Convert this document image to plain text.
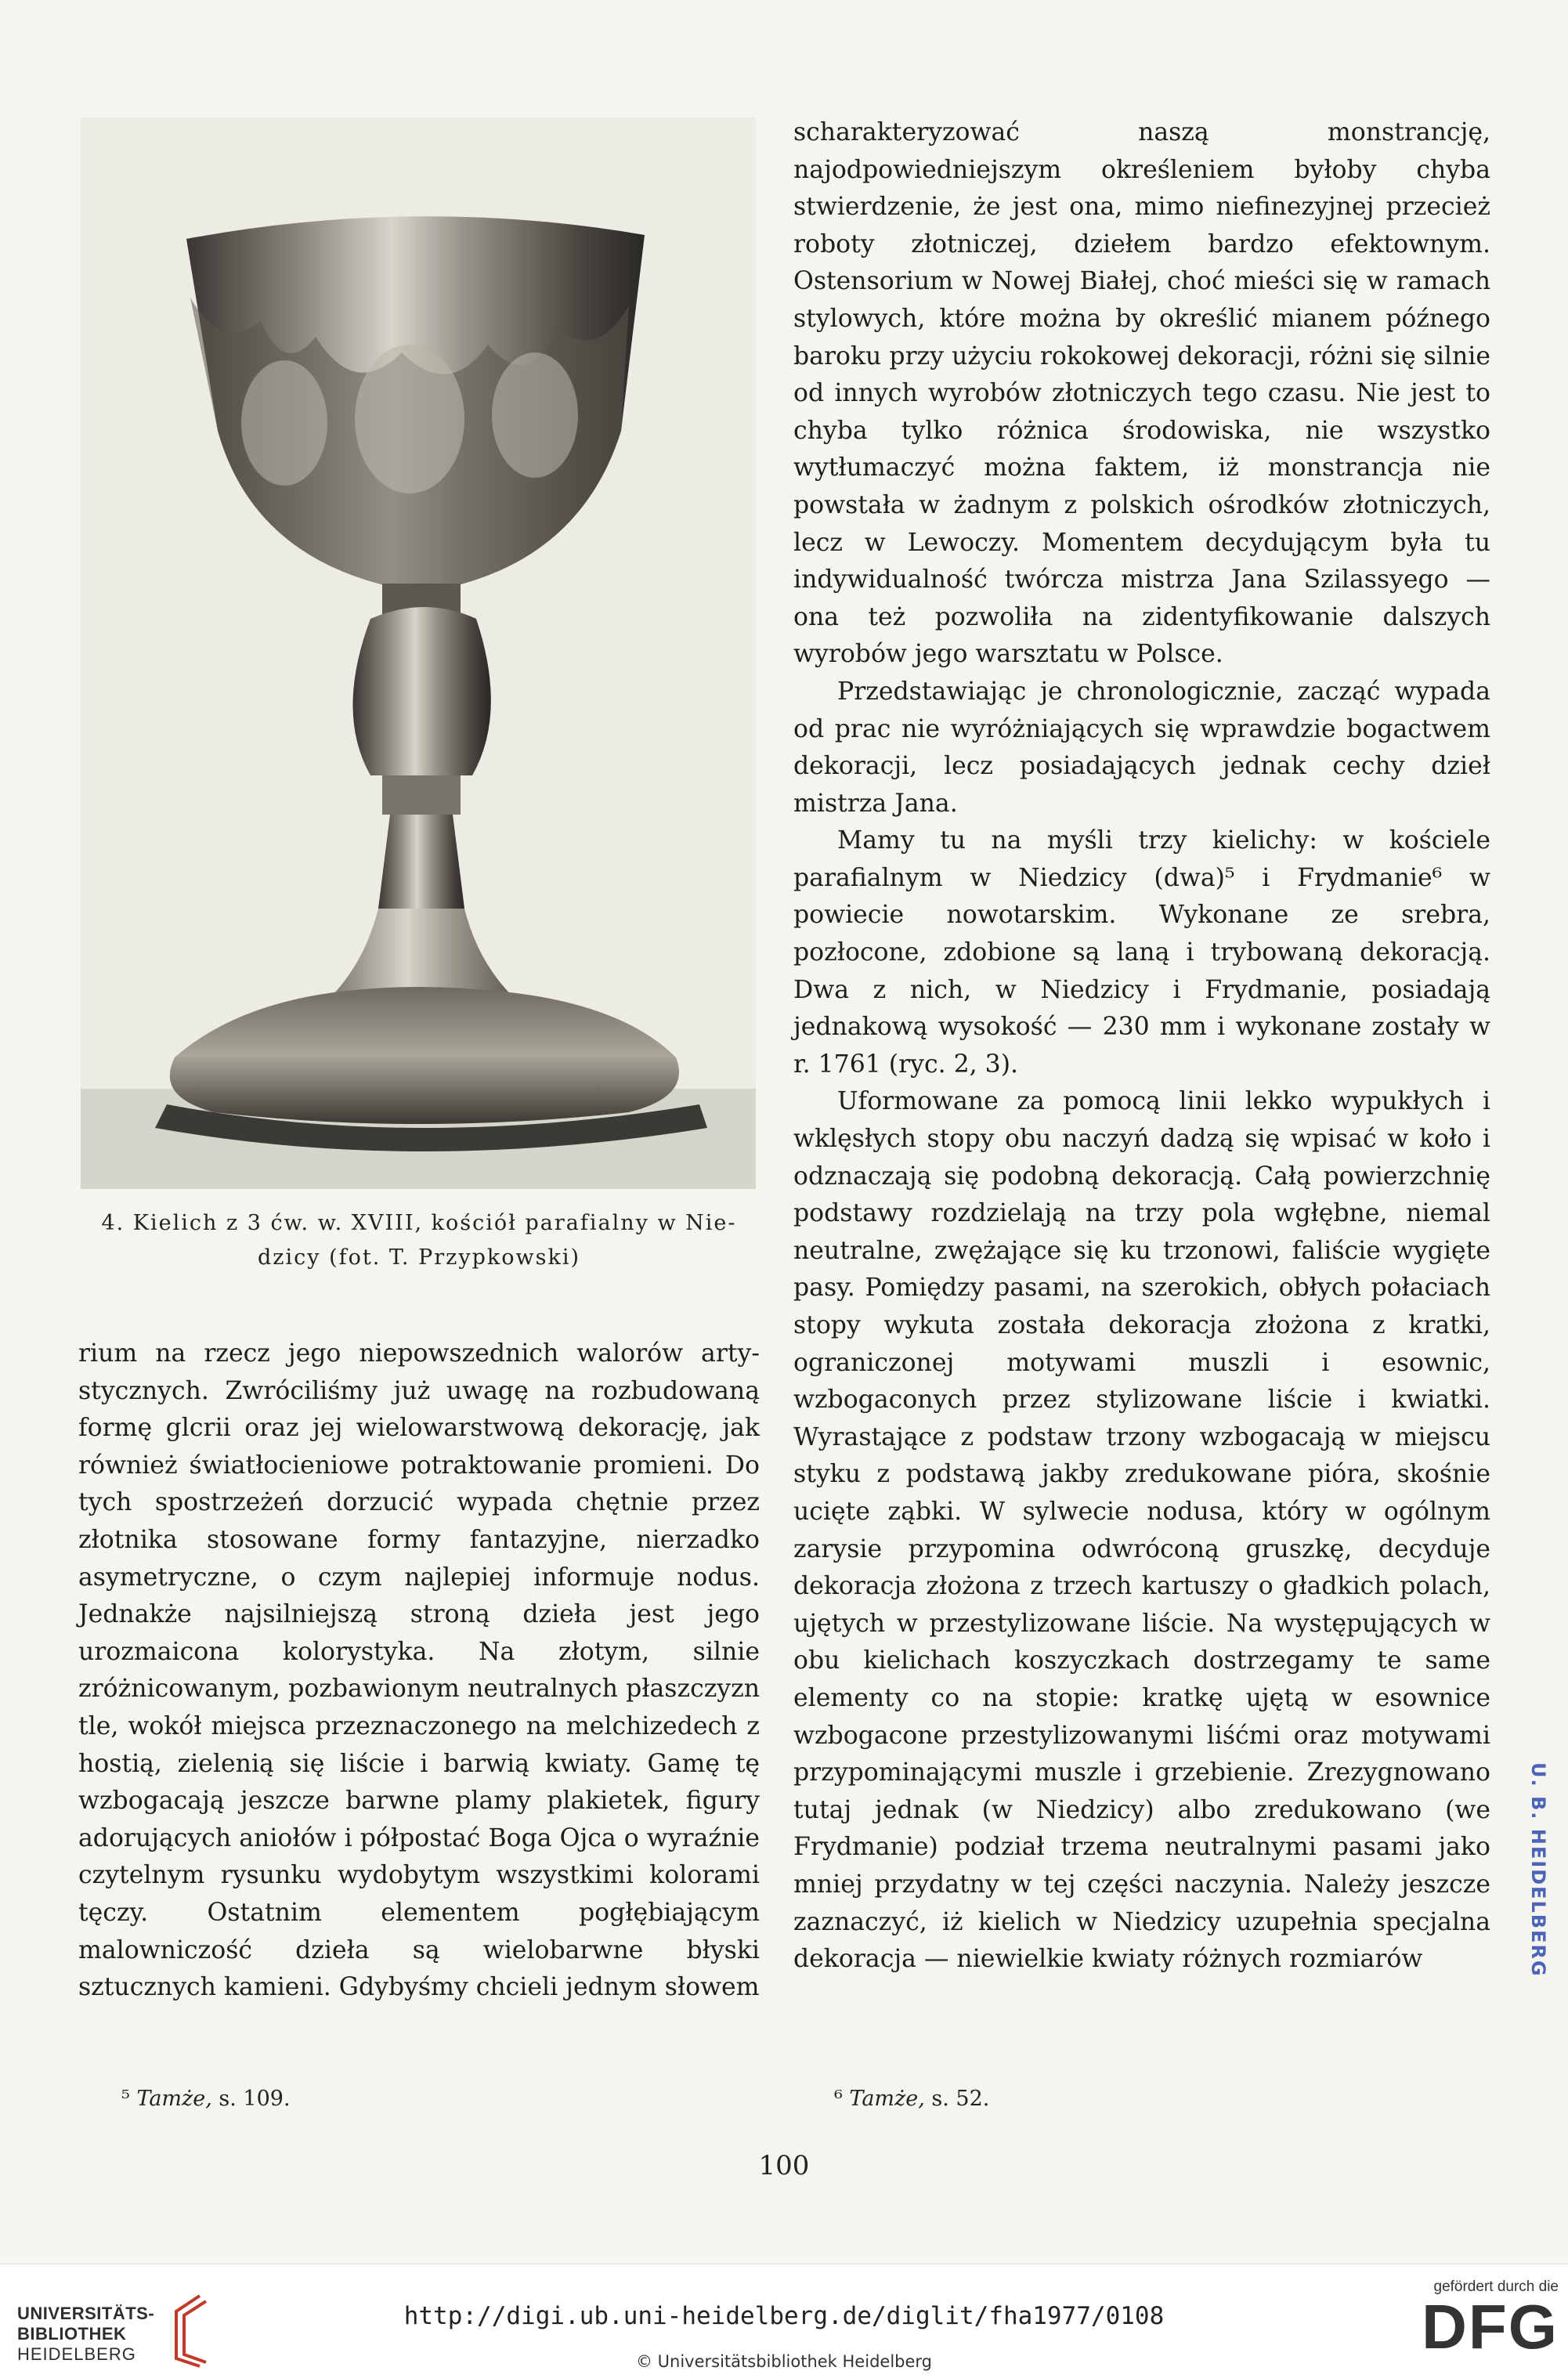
4. Kielich z 3 ćw. w. XVIII, kościół parafialny w Nie-
dzicy (fot. T. Przypkowski)

rium na rzecz jego niepowszednich walorów arty-stycznych. Zwróciliśmy już uwagę na rozbudowaną formę glcrii oraz jej wielowarstwową dekorację, jak również światłocieniowe potraktowanie promieni. Do tych spostrzeżeń dorzucić wypada chętnie przez złotnika stosowane formy fantazyjne, nierzadko asymetryczne, o czym najlepiej informuje nodus. Jednakże najsilniejszą stroną dzieła jest jego urozmaicona kolorystyka. Na złotym, silnie zróżnicowanym, pozbawionym neutralnych płaszczyzn tle, wokół miejsca przeznaczonego na melchizedech z hostią, zielenią się liście i barwią kwiaty. Gamę tę wzbogacają jeszcze barwne plamy plakietek, figury adorujących aniołów i półpostać Boga Ojca o wyraźnie czytelnym rysunku wydobytym wszystkimi kolorami tęczy. Ostatnim elementem pogłębiającym malowniczość dzieła są wielobarwne błyski sztucznych kamieni. Gdybyśmy chcieli jednym słowem

scharakteryzować naszą monstrancję, najodpowiedniejszym określeniem byłoby chyba stwierdzenie, że jest ona, mimo niefinezyjnej przecież roboty złotniczej, dziełem bardzo efektownym. Ostensorium w Nowej Białej, choć mieści się w ramach stylowych, które można by określić mianem późnego baroku przy użyciu rokokowej dekoracji, różni się silnie od innych wyrobów złotniczych tego czasu. Nie jest to chyba tylko różnica środowiska, nie wszystko wytłumaczyć można faktem, iż monstrancja nie powstała w żadnym z polskich ośrodków złotniczych, lecz w Lewoczy. Momentem decydującym była tu indywidualność twórcza mistrza Jana Szilassyego — ona też pozwoliła na zidentyfikowanie dalszych wyrobów jego warsztatu w Polsce.

Przedstawiając je chronologicznie, zacząć wypada od prac nie wyróżniających się wprawdzie bogactwem dekoracji, lecz posiadających jednak cechy dzieł mistrza Jana.

Mamy tu na myśli trzy kielichy: w kościele parafialnym w Niedzicy (dwa)⁵ i Frydmanie⁶ w powiecie nowotarskim. Wykonane ze srebra, pozłocone, zdobione są laną i trybowaną dekoracją. Dwa z nich, w Niedzicy i Frydmanie, posiadają jednakową wysokość — 230 mm i wykonane zostały w r. 1761 (ryc. 2, 3).

Uformowane za pomocą linii lekko wypukłych i wklęsłych stopy obu naczyń dadzą się wpisać w koło i odznaczają się podobną dekoracją. Całą powierzchnię podstawy rozdzielają na trzy pola wgłębne, niemal neutralne, zwężające się ku trzonowi, faliście wygięte pasy. Pomiędzy pasami, na szerokich, obłych połaciach stopy wykuta została dekoracja złożona z kratki, ograniczonej motywami muszli i esownic, wzbogaconych przez stylizowane liście i kwiatki. Wyrastające z podstaw trzony wzbogacają w miejscu styku z podstawą jakby zredukowane pióra, skośnie ucięte ząbki. W sylwecie nodusa, który w ogólnym zarysie przypomina odwróconą gruszkę, decyduje dekoracja złożona z trzech kartuszy o gładkich polach, ujętych w przestylizowane liście. Na występujących w obu kielichach koszyczkach dostrzegamy te same elementy co na stopie: kratkę ujętą w esownice wzbogacone przestylizowanymi liśćmi oraz motywami przypominającymi muszle i grzebienie. Zrezygnowano tutaj jednak (w Niedzicy) albo zredukowano (we Frydmanie) podział trzema neutralnymi pasami jako mniej przydatny w tej części naczynia. Należy jeszcze zaznaczyć, iż kielich w Niedzicy uzupełnia specjalna dekoracja — niewielkie kwiaty różnych rozmiarów

⁵ Tamże, s. 109.	⁶ Tamże, s. 52.
100
U. B. HEIDELBERG
UNIVERSITÄTS-
BIBLIOTHEK
HEIDELBERG
http://digi.ub.uni-heidelberg.de/diglit/fha1977/0108
© Universitätsbibliothek Heidelberg
gefördert durch die
DFG
